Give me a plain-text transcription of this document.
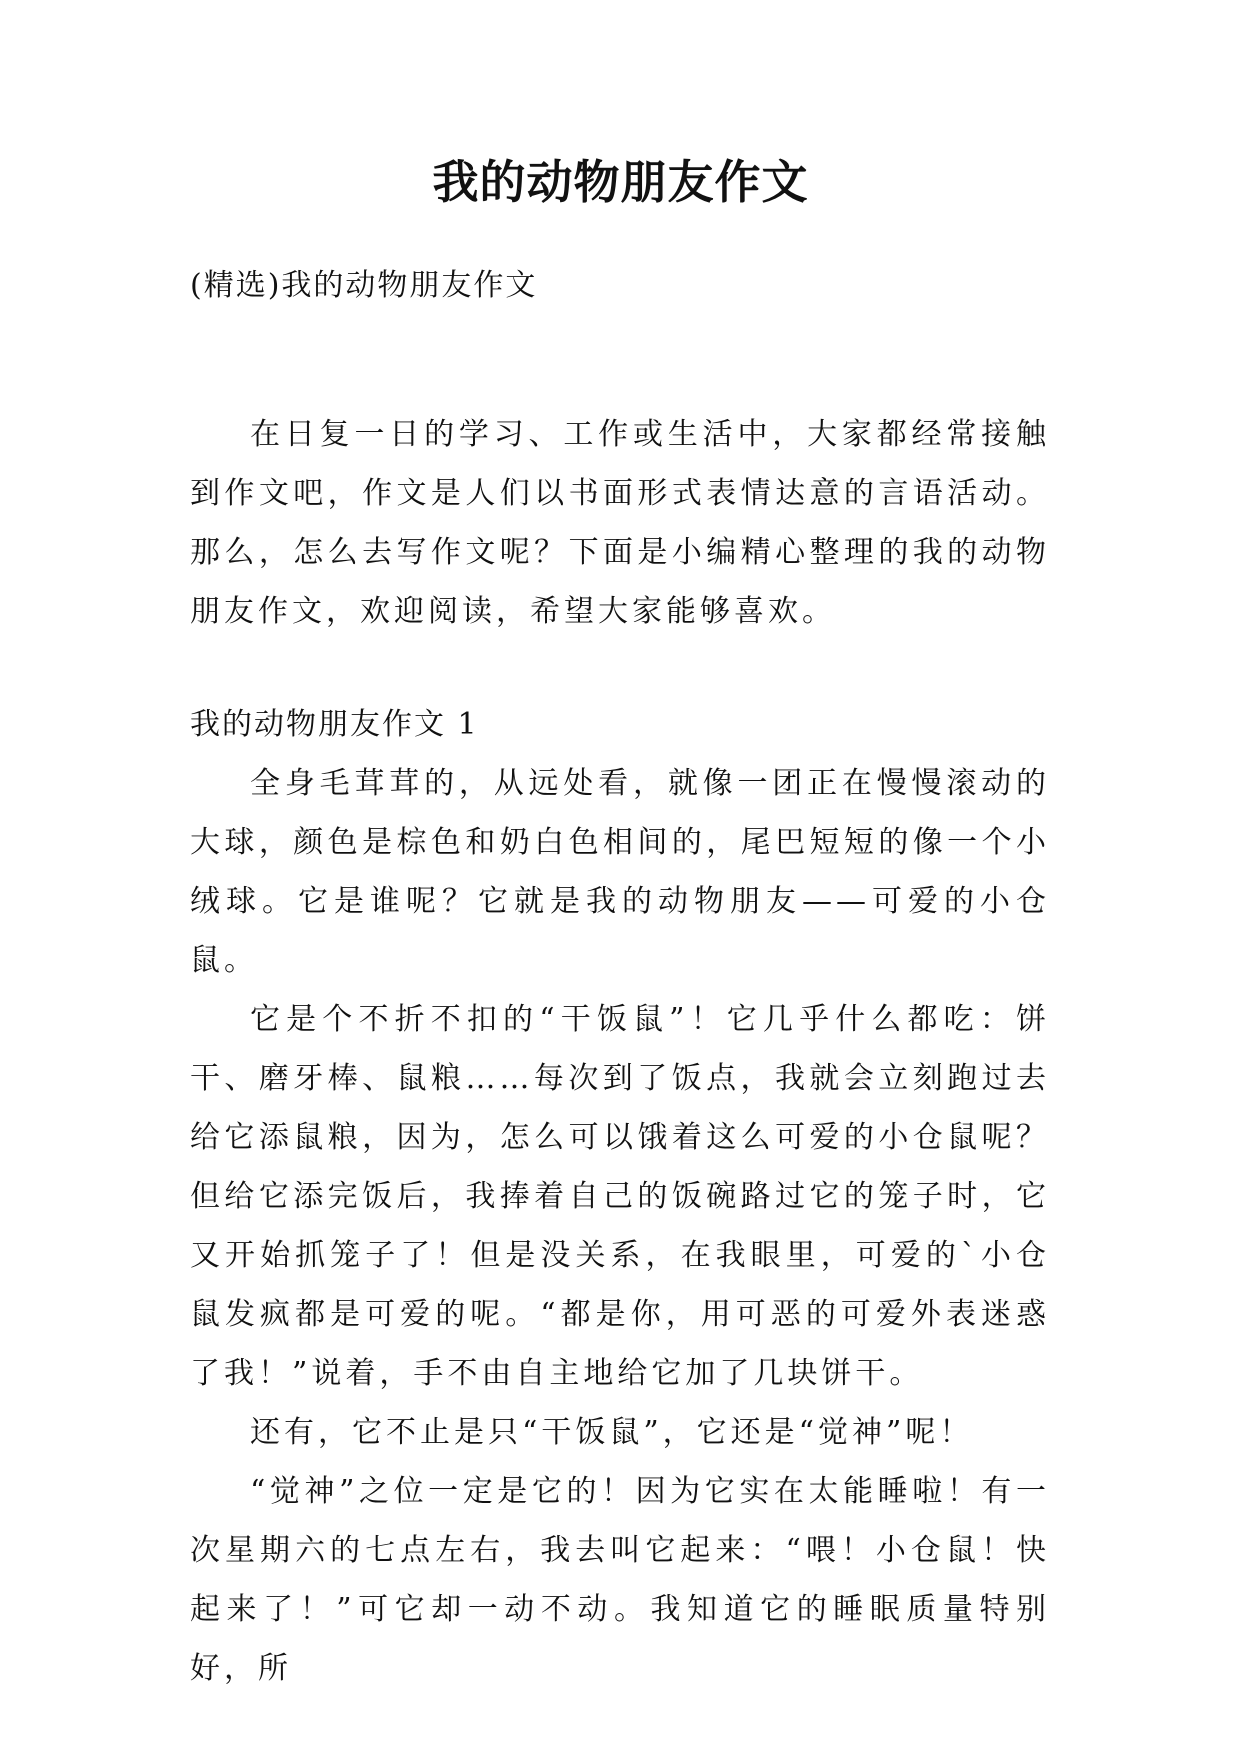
我的动物朋友作文
(精选)我的动物朋友作文

在日复一日的学习、工作或生活中，大家都经常接触到作文吧，作文是人们以书面形式表情达意的言语活动。那么，怎么去写作文呢？下面是小编精心整理的我的动物朋友作文，欢迎阅读，希望大家能够喜欢。

我的动物朋友作文 1

全身毛茸茸的，从远处看，就像一团正在慢慢滚动的大球，颜色是棕色和奶白色相间的，尾巴短短的像一个小绒球。它是谁呢？它就是我的动物朋友——可爱的小仓鼠。

它是个不折不扣的“干饭鼠”！它几乎什么都吃：饼干、磨牙棒、鼠粮……每次到了饭点，我就会立刻跑过去给它添鼠粮，因为，怎么可以饿着这么可爱的小仓鼠呢？但给它添完饭后，我捧着自己的饭碗路过它的笼子时，它又开始抓笼子了！但是没关系，在我眼里，可爱的`小仓鼠发疯都是可爱的呢。“都是你，用可恶的可爱外表迷惑了我！”说着，手不由自主地给它加了几块饼干。

还有，它不止是只“干饭鼠”，它还是“觉神”呢！

“觉神”之位一定是它的！因为它实在太能睡啦！有一次星期六的七点左右，我去叫它起来：“喂！小仓鼠！快起来了！”可它却一动不动。我知道它的睡眠质量特别好，所
